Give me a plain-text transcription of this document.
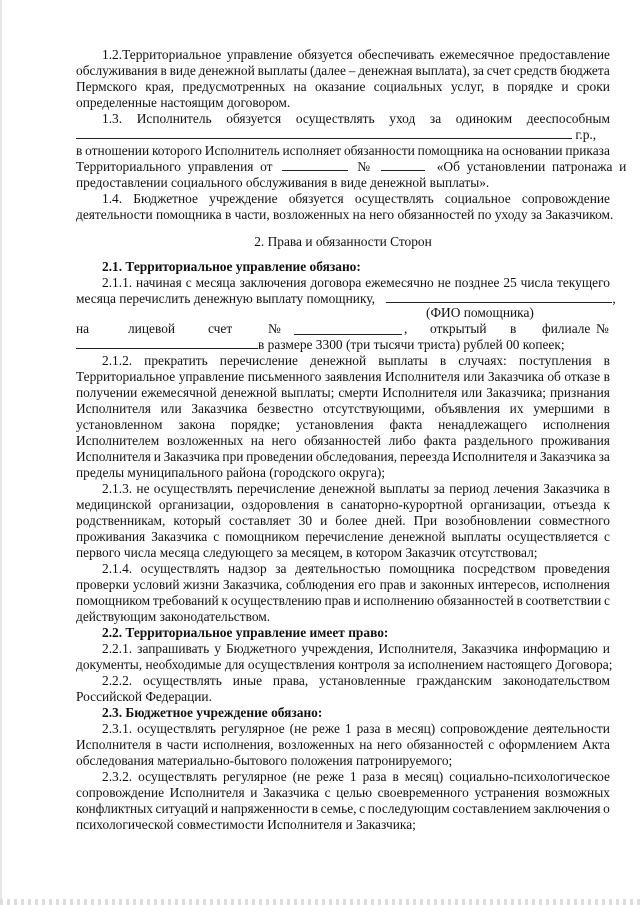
1.2.Территориальное управление обязуется обеспечивать ежемесячное предоставление
обслуживания в виде денежной выплаты (далее – денежная выплата), за счет средств бюджета
Пермского края, предусмотренных на оказание социальных услуг, в порядке и сроки
определенные настоящим договором.
1.3. Исполнитель обязуется осуществлять уход за одиноким дееспособным
г.р.,
в отношении которого Исполнитель исполняет обязанности помощника на основании приказа
Территориального  управления  от	№	«Об  установлении  патронажа  и
предоставлении социального обслуживания в виде денежной выплаты».
1.4. Бюджетное учреждение обязуется осуществлять социальное сопровождение
деятельности помощника в части, возложенных на него обязанностей по уходу за Заказчиком.
2. Права и обязанности Сторон
2.1. Территориальное управление обязано:
2.1.1. начиная с месяца заключения договора ежемесячно не позднее 25 числа текущего
месяца перечислить денежную выплату помощнику,	,
(ФИО помощника)
на	лицевой счет	№	, открытый в филиале №
в размере 3300 (три тысячи триста) рублей 00 копеек;
2.1.2. прекратить перечисление денежной выплаты в случаях: поступления в
Территориальное управление письменного заявления Исполнителя или Заказчика об отказе в
получении ежемесячной денежной выплаты; смерти Исполнителя или Заказчика; признания
Исполнителя или Заказчика безвестно отсутствующими, объявления их умершими в
установленном закона порядке; установления факта ненадлежащего исполнения
Исполнителем возложенных на него обязанностей либо факта раздельного проживания
Исполнителя и Заказчика при проведении обследования, переезда Исполнителя и Заказчика за
пределы муниципального района (городского округа);
2.1.3. не осуществлять перечисление денежной выплаты за период лечения Заказчика в
медицинской организации, оздоровления в санаторно-курортной организации, отъезда к
родственникам, который составляет 30 и более дней. При возобновлении совместного
проживания Заказчика с помощником перечисление денежной выплаты осуществляется с
первого числа месяца следующего за месяцем, в котором Заказчик отсутствовал;
2.1.4. осуществлять надзор за деятельностью помощника посредством проведения
проверки условий жизни Заказчика, соблюдения его прав и законных интересов, исполнения
помощником требований к осуществлению прав и исполнению обязанностей в соответствии с
действующим законодательством.
2.2. Территориальное управление имеет право:
2.2.1. запрашивать у Бюджетного учреждения, Исполнителя, Заказчика информацию и
документы, необходимые для осуществления контроля за исполнением настоящего Договора;
2.2.2. осуществлять иные права, установленные гражданским законодательством
Российской Федерации.
2.3. Бюджетное учреждение обязано:
2.3.1. осуществлять регулярное (не реже 1 раза в месяц) сопровождение деятельности
Исполнителя в части исполнения, возложенных на него обязанностей с оформлением Акта
обследования материально-бытового положения патронируемого;
2.3.2. осуществлять регулярное (не реже 1 раза в месяц) социально-психологическое
сопровождение Исполнителя и Заказчика с целью своевременного устранения возможных
конфликтных ситуаций и напряженности в семье, с последующим составлением заключения о
психологической совместимости Исполнителя и Заказчика;
